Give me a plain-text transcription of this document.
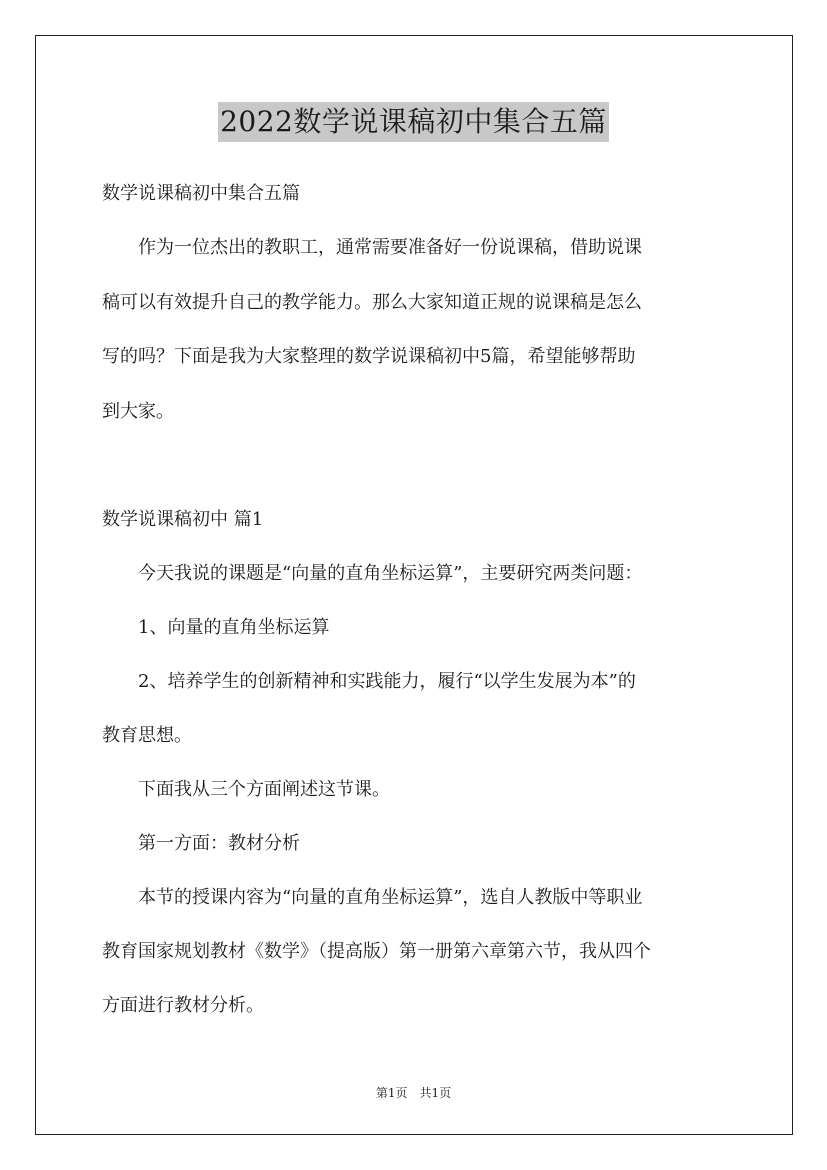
2022数学说课稿初中集合五篇
数学说课稿初中集合五篇
　　作为一位杰出的教职工，通常需要准备好一份说课稿，借助说课
稿可以有效提升自己的教学能力。那么大家知道正规的说课稿是怎么
写的吗？下面是我为大家整理的数学说课稿初中5篇，希望能够帮助
到大家。
数学说课稿初中 篇1
　　今天我说的课题是“向量的直角坐标运算”，主要研究两类问题：
　　1、向量的直角坐标运算
　　2、培养学生的创新精神和实践能力，履行“以学生发展为本”的
教育思想。
　　下面我从三个方面阐述这节课。
　　第一方面：教材分析
　　本节的授课内容为“向量的直角坐标运算”，选自人教版中等职业
教育国家规划教材《数学》（提高版）第一册第六章第六节，我从四个
方面进行教材分析。
第1页　共1页
